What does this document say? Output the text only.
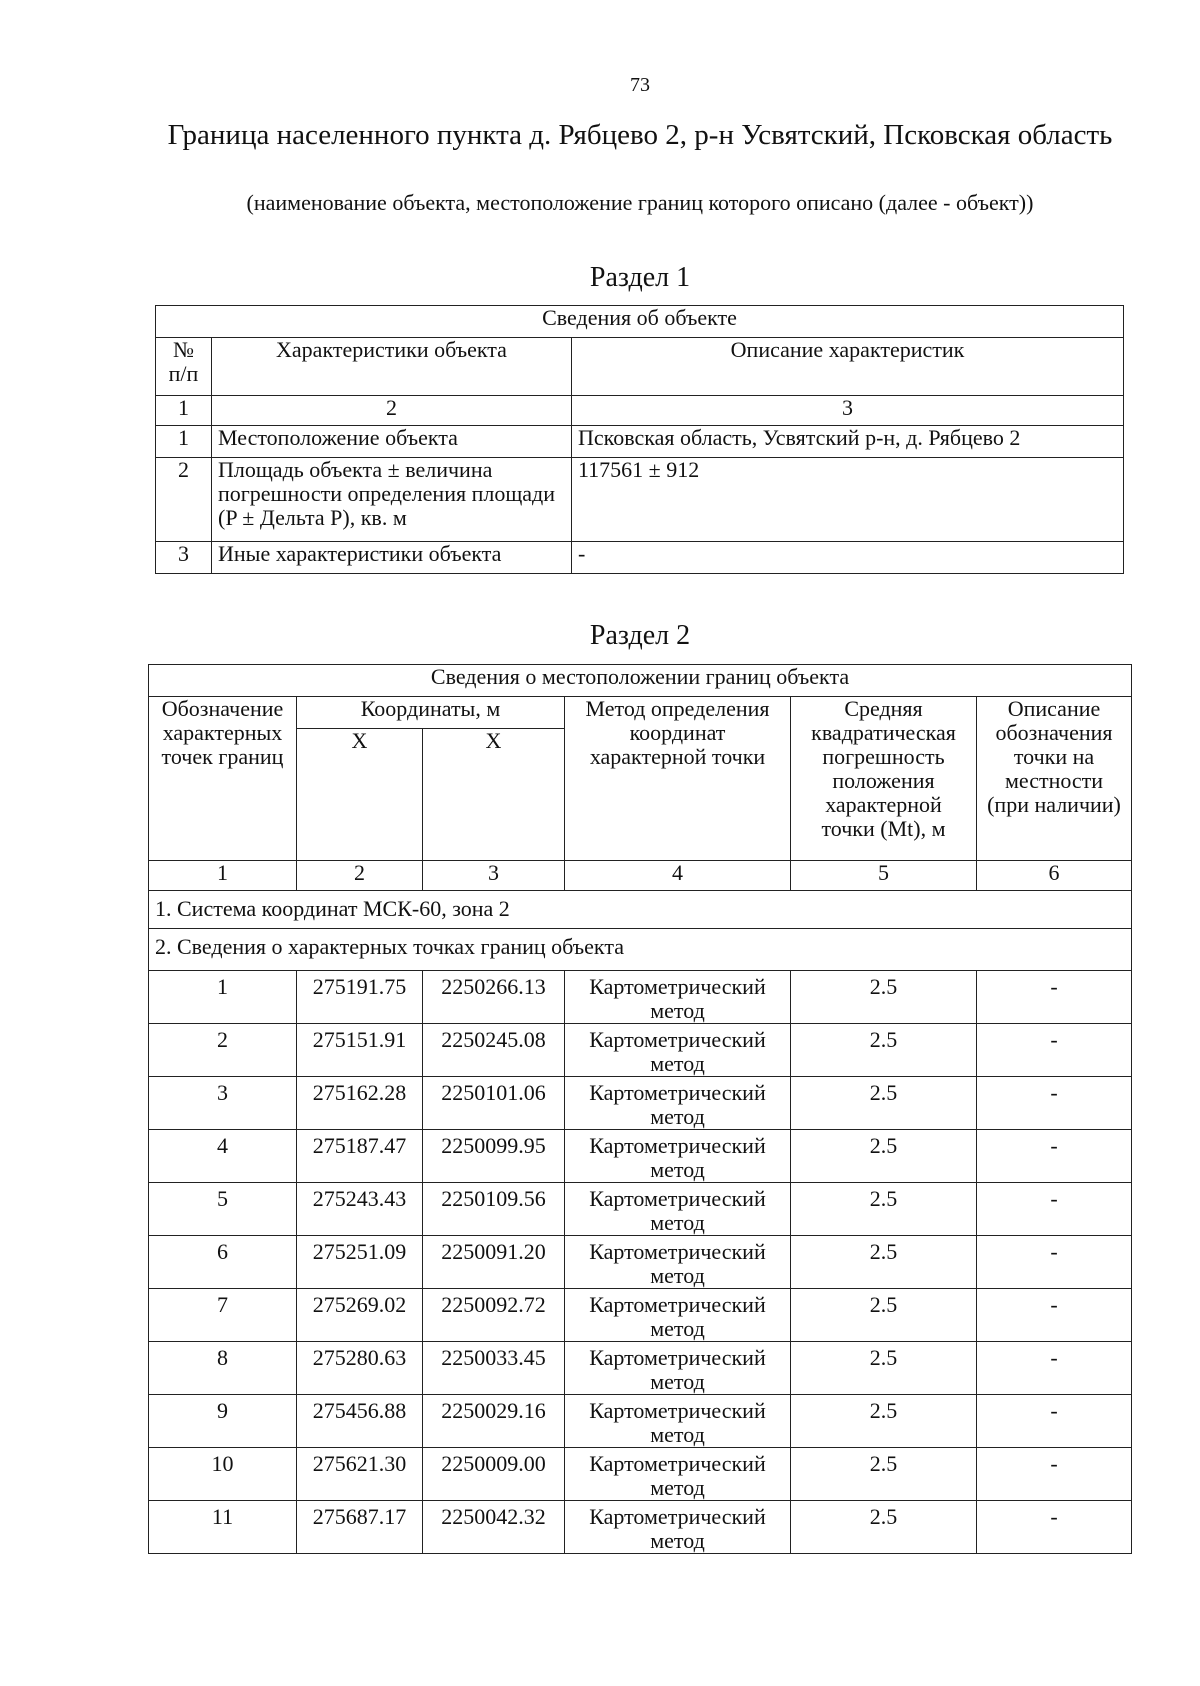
73
Граница населенного пункта д. Рябцево 2, р-н Усвятский, Псковская область
(наименование объекта, местоположение границ которого описано (далее - объект))
Раздел 1
Сведения об объекте		
№ п/п	Характеристики объекта	Описание характеристик
1	2	3
1	Местоположение объекта	Псковская область, Усвятский р-н, д. Рябцево 2
2	Площадь объекта ± величина погрешности определения площади (P ± Дельта P), кв. м	117561 ± 912
3	Иные характеристики объекта	-
Раздел 2
Сведения о местоположении границ объекта					
Обозначение характерных точек границ	Координаты, м		Метод определения координат характерной точки	Средняя квадратическая погрешность положения характерной точки (Mt), м	Описание обозначения точки на местности (при наличии)
	X	Х			
1	2	3	4	5	6
1. Система координат МСК-60, зона 2					
2. Сведения о характерных точках границ объекта					
1	275191.75	2250266.13	Картометрический метод	2.5	-
2	275151.91	2250245.08	Картометрический метод	2.5	-
3	275162.28	2250101.06	Картометрический метод	2.5	-
4	275187.47	2250099.95	Картометрический метод	2.5	-
5	275243.43	2250109.56	Картометрический метод	2.5	-
6	275251.09	2250091.20	Картометрический метод	2.5	-
7	275269.02	2250092.72	Картометрический метод	2.5	-
8	275280.63	2250033.45	Картометрический метод	2.5	-
9	275456.88	2250029.16	Картометрический метод	2.5	-
10	275621.30	2250009.00	Картометрический метод	2.5	-
11	275687.17	2250042.32	Картометрический метод	2.5	-
